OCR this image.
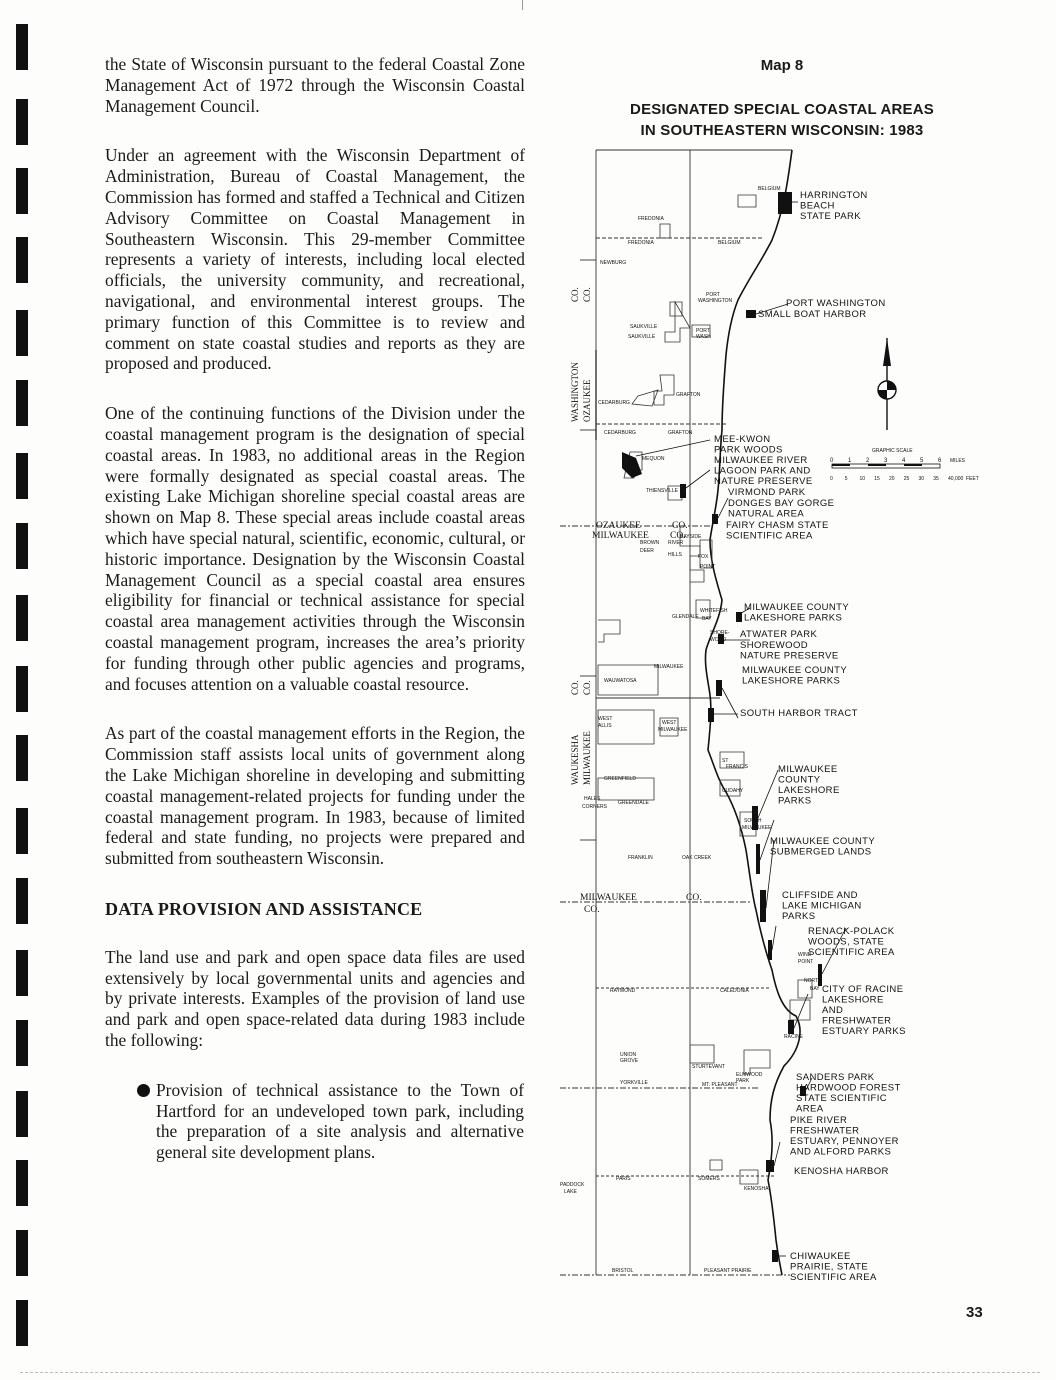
the State of Wisconsin pursuant to the federal Coastal Zone Management Act of 1972 through the Wisconsin Coastal Management Council.

Under an agreement with the Wisconsin Department of Administration, Bureau of Coastal Management, the Commission has formed and staffed a Technical and Citizen Advisory Committee on Coastal Management in Southeastern Wisconsin. This 29-member Committee represents a variety of interests, including local elected officials, the university community, and recreational, navigational, and environmental interest groups. The primary function of this Committee is to review and comment on state coastal studies and reports as they are proposed and produced.

One of the continuing functions of the Division under the coastal management program is the designation of special coastal areas. In 1983, no additional areas in the Region were formally designated as special coastal areas. The existing Lake Michigan shoreline special coastal areas are shown on Map 8. These special areas include coastal areas which have special natural, scientific, economic, cultural, or historic importance. Designation by the Wisconsin Coastal Management Council as a special coastal area ensures eligibility for financial or technical assistance for special coastal area management activities through the Wisconsin coastal management program, increases the area’s priority for funding through other public agencies and programs, and focuses attention on a valuable coastal resource.

As part of the coastal management efforts in the Region, the Commission staff assists local units of government along the Lake Michigan shoreline in developing and submitting coastal management-related projects for funding under the coastal management program. In 1983, because of limited federal and state funding, no projects were prepared and submitted from southeastern Wisconsin.

DATA PROVISION AND ASSISTANCE

The land use and park and open space data files are used extensively by local governmental units and agencies and by private interests. Examples of the provision of land use and park and open space-related data during 1983 include the following:

Provision of technical assistance to the Town of Hartford for an undeveloped town park, including the preparation of a site analysis and alternative general site development plans.
Map 8
DESIGNATED SPECIAL COASTAL AREAS
IN SOUTHEASTERN WISCONSIN: 1983
WASHINGTON OZAUKEE
CO. CO.
OZAUKEE	CO.
MILWAUKEE CO.
WAUKESHA MILWAUKEE
CO. CO.
MILWAUKEE
CO.
CO.
BELGIUM
FREDONIA
FREDONIA	BELGIUM
NEWBURG
PORT
WASHINGTON
SAUKVILLE
SAUKVILLE
PORT
WASH
CEDARBURG
GRAFTON
CEDARBURG	GRAFTON
MEQUON
THIENSVILLE
BAYSIDE
BROWN
DEER
RIVER
HILLS	FOX
POINT
GLENDALE
WHITEFISH
BAY
SHORE-
WOOD
MILWAUKEE
WAUWATOSA
WEST
ALLIS	WEST
MILWAUKEE
ST
FRANCIS
CUDAHY
GREENFIELD
HALES
CORNERS
GREENDALE
SOUTH
MILWAUKEE
FRANKLIN	OAK CREEK
WIND
POINT
NORTH
BAY
RACINE
RAYMOND	CALEDONIA
UNION
GROVE
STURTEVANT
ELMWOOD
PARK
YORKVILLE	MT. PLEASANT
PARIS	SOMERS
KENOSHA
PADDOCK
LAKE
BRISTOL	PLEASANT PRAIRIE
HARRINGTON BEACH STATE PARK
PORT WASHINGTON SMALL BOAT HARBOR
MEE-KWON PARK WOODS MILWAUKEE RIVER LAGOON PARK AND NATURE PRESERVE
VIRMOND PARK
DONGES BAY GORGE NATURAL AREA
FAIRY CHASM STATE SCIENTIFIC AREA
MILWAUKEE COUNTY LAKESHORE PARKS
ATWATER PARK
SHOREWOOD NATURE PRESERVE
MILWAUKEE COUNTY LAKESHORE PARKS
SOUTH HARBOR TRACT
MILWAUKEE COUNTY LAKESHORE PARKS
MILWAUKEE COUNTY SUBMERGED LANDS
CLIFFSIDE AND LAKE MICHIGAN PARKS
RENACK-POLACK WOODS, STATE SCIENTIFIC AREA
CITY OF RACINE LAKESHORE AND FRESHWATER ESTUARY PARKS
SANDERS PARK HARDWOOD FOREST STATE SCIENTIFIC AREA
PIKE RIVER FRESHWATER ESTUARY, PENNOYER AND ALFORD PARKS
KENOSHA HARBOR
CHIWAUKEE PRAIRIE, STATE SCIENTIFIC AREA
GRAPHIC SCALE
0 1 2 3 4 5 6 MILES
0 5 10 15 20 25 30 35 40,000 FEET
33
